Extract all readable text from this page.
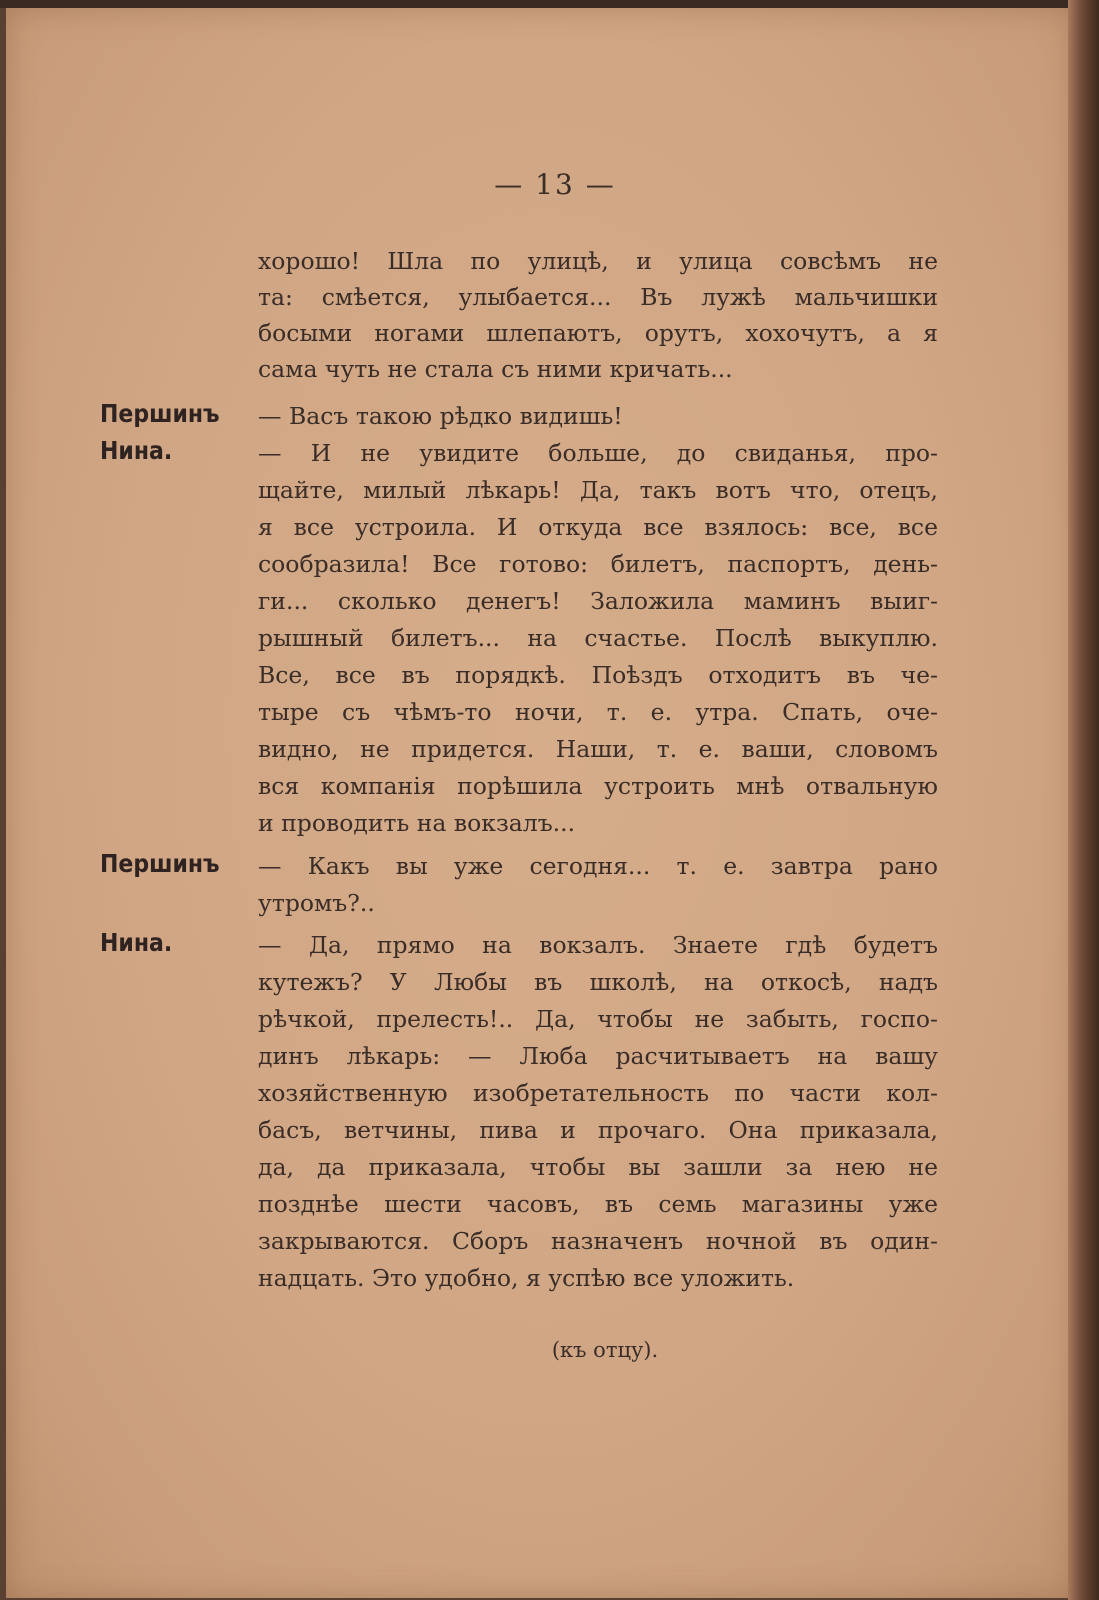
— 13 —
(къ отцу).
хорошо! Шла по улицѣ, и улица совсѣмъ не
та: смѣется, улыбается... Въ лужѣ мальчишки
босыми ногами шлепаютъ, орутъ, хохочутъ, а я
сама чуть не стала съ ними кричать...
Першинъ — Васъ такою рѣдко видишь!
Нина.	— И не увидите больше, до свиданья, про-
щайте, милый лѣкарь! Да, такъ вотъ что, отецъ,
я все устроила. И откуда все взялось: все, все
сообразила! Все готово: билетъ, паспортъ, день-
ги... сколько денегъ! Заложила маминъ выиг-
рышный билетъ... на счастье. Послѣ выкуплю.
Все, все въ порядкѣ. Поѣздъ отходитъ въ че-
тыре съ чѣмъ-то ночи, т. е. утра. Спать, оче-
видно, не придется. Наши, т. е. ваши, словомъ
вся компанія порѣшила устроить мнѣ отвальную
и проводить на вокзалъ...
Першинъ — Какъ вы уже сегодня... т. е. завтра рано
утромъ?..
Нина.	— Да, прямо на вокзалъ. Знаете гдѣ будетъ
кутежъ? У Любы въ школѣ, на откосѣ, надъ
рѣчкой, прелесть!.. Да, чтобы не забыть, госпо-
динъ лѣкарь: — Люба расчитываетъ на вашу
хозяйственную изобретательность по части кол-
басъ, ветчины, пива и прочаго. Она приказала,
да, да приказала, чтобы вы зашли за нею не
позднѣе шести часовъ, въ семь магазины уже
закрываются. Сборъ назначенъ ночной въ один-
надцать. Это удобно, я успѣю все уложить.
